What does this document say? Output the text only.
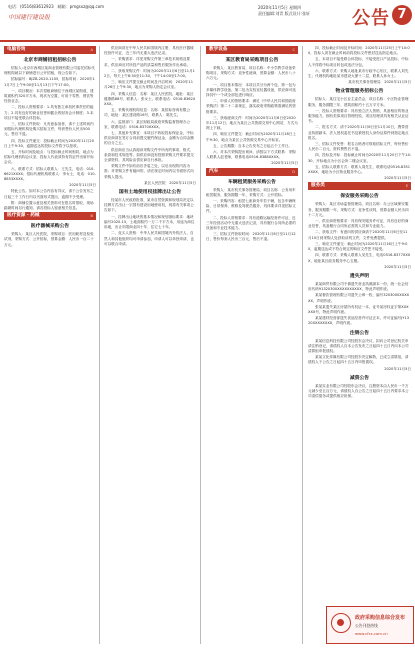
电话：(0516)83612923　邮箱：pmgsxz@qq.com
中国建行建设报
2020年11月5日 星期四
责任编辑:刘青 版式设计:张轩 公告 7
电脑咨询	A
北京市商铺招租招标公告

招标人:北京市西城区某商业管理有限公司委托招标代理机构就以下商铺进行公开招租，现公告如下。

招标编号：BJZB-2020-1105，招标时间：2020年11月7日上午9:00至11月13日下午17:00。

一、项目概况：本次招租商铺位于西城区某街道，建筑面积约320平方米，现状为空置，可用于零售、餐饮等经营业态。

二、投标人资格要求：1.具有独立承担民事责任的能力；2.具有良好的商业信誉和健全的财务会计制度；3.本项目不接受联合体投标。

三、招标文件获取：凡有意参加者，请于上述时间内到招标代理机构处购买招标文件，每套售价人民币500元，售后不退。

四、投标文件递交：投标截止时间为2020年11月20日上午9:30，逾期送达的投标文件将予以拒收。

五、开标时间及地点：与投标截止时间相同，地点为招标代理机构会议室，投标人代表须持有效证件出席开标会议。

六、联系方式：招标人联系人：王先生，电话：010-6621XXXX；招标代理机构联系人：李女士，电话：010-8853XXXX。

2020年11月5日

特此公告。如对本公告内容有异议，请于公告发布之日起三个工作日内以书面形式提出，逾期不予受理。

附：商铺位置示意及相关资料可在报名时领取，现场踏勘时间另行通知，请各投标人留意相关信息。

医疗资源 · 药械	B
医疗器械采购公告

采购人：某区人民医院，采购项目：医用耗材及检验试剂，采购方式：公开招标，预算金额：人民币一百二十万元。

供应商须在中华人民共和国境内注册，具有医疗器械经营许可证，近三年内无重大违法记录。

一、采购需求：详见采购文件第三章技术规格及要求，供应商应对所投产品的质量和售后服务作出承诺。

二、获取采购文件：时间为2020年11月6日至11月12日，每天上午8:30至11:30，下午14:00至17:00。

三、响应文件提交截止时间及开启时间：2020年11月26日上午9:30，地点为采购人指定会议室。

四、采购人信息：名称：某区人民医院，地址：某区健康路88号，联系人：张女士，联系电话：0516-8362XXXX。

五、采购代理机构信息：名称：某招标咨询有限公司，地址：某区建设路16号，联系人：陈先生。

六、监督部门：某区财政局政府采购监督管理办公室，联系电话：0516-8370XXXX。

七、其他补充事宜：本项目不收取投标保证金，中标供应商须在签订合同前提交履约保证金，金额为合同金额的百分之五。

供应商应当认真阅读采购文件中所有的事项、格式、条款和技术规范等，如供应商没有按照采购文件要求提交全部资料，其风险由供应商自行承担。

采购文件中如有前后矛盾之处，以后出现的内容为准；对采购文件有疑问的，请在规定时间内以书面形式向采购人提出。

某区人民医院　2020年11月5日

国有土地使用权挂牌出让公告

经某市人民政府批准，某市自然资源和规划局决定以挂牌方式出让一宗国有建设用地使用权，现将有关事项公告如下。

一、挂牌出让地块的基本情况和规划指标要求：地块编号2020-15，土地面积约一万二千平方米，用途为商住用地，出让年限商业四十年、住宅七十年。

二、竞买人资格：中华人民共和国境内外的法人、自然人和其他组织均可申请参加，申请人可以单独申请，也可以联合申请。

教学设备	C
某区教育局采购项目公告

采购人：某区教育局，项目名称：中小学教学设备采购项目，采购方式：竞争性磋商，预算金额：人民币八十六万元。

一、项目基本情况：本项目共分为两个包，第一包为多媒体教学设备，第二包为实验室仪器设备，供应商可选择其中一个或全部包进行响应。

二、申请人的资格要求：满足《中华人民共和国政府采购法》第二十二条规定，落实政府采购政策需满足的资格要求。

三、获取磋商文件：时间为2020年11月6日至2020年11月12日，地点为某区公共资源交易中心网站，方式为网上下载。

四、响应文件提交：截止时间为2020年11月18日上午9:30，地点为某区公共资源交易中心开标室。

五、公告期限：自本公告发布之日起五个工作日。

六、对本次采购提出询问，请按以下方式联系：采购人联系人赵老师，联系电话0516-8388XXXX。

2020年11月5日

汽车	D
车辆租赁服务采购公告

采购人：某市机关事务管理局，项目名称：公务用车租赁服务，服务期限一年，采购方式：公开招标。

一、采购内容：租赁七座商务车若干辆，包含车辆保险、日常保养、维修及驾驶员服务，具体要求详见招标文件。

二、投标人资格要求：具有道路运输经营许可证，近三年经营活动中无重大违法记录，具有履行合同所必需的设备和专业技术能力。

三、招标文件获取时间：2020年11月6日至11月12日，售价每套人民币三百元，售后不退。

四、投标截止时间及开标时间：2020年11月25日上午10:00，投标人须在截止时间前将投标文件密封送达指定地点。

五、本项目不接受联合体投标，不接受进口产品投标，中标人不得将中标项目转包或违法分包。

六、联系方式：采购人地址某市行政中心东区，联系人刘先生；代理机构地址某市建设大厦十二层，联系人孙女士。

某市机关事务管理局　2020年11月5日

物业管理服务招标公告

招标人：某住宅小区业主委员会，项目名称：小区物业管理服务，服务期限三年，建筑面积约十五万平方米。

一、投标人资格要求：具有独立法人资格，具备相应的物业服务能力，拥有类似项目管理经验，项目经理须具有相关从业证书。

二、报名方式：请于2020年11月6日至11月10日，携带营业执照副本、法人授权委托书及被授权人身份证原件到指定地点报名。

三、招标文件发售：报名合格者可领取招标文件，每份售价人民币二百元，资料费售后不退。

四、投标及开标：投标截止时间为2020年11月20日下午14:30，开标地点为小区会所二楼会议室。

五、招标人联系方式：联系人周先生，联系电话0516-8351XXXX，地址为小区物业服务中心。

2020年11月5日

服务类	E
保安服务采购公告

采购人：某区市场监督管理局，项目名称：办公区域保安服务，服务期限一年，采购方式：竞争性谈判，预算金额人民币四十二万元。

一、供应商资格要求：具有保安服务许可证，具有良好的商业信誉，具备履行合同所必需的人员和专业能力。

二、获取文件：有意向的供应商请于2020年11月6日至11月10日到采购人处获取谈判文件，文件免费提供。

三、响应文件递交：截止时间为2020年11月16日上午9:00，逾期送达或不符合规定的响应文件恕不接受。

四、联系方式：采购人联系人吴先生，电话0516-8377XXXX，地址某区政务服务中心五楼。

2020年11月5日

遗失声明

某某商贸有限公司不慎遗失营业执照副本一份，统一社会信用代码91320300XXXXXXXXXX，特此声明作废。

某某餐饮管理有限公司遗失公章一枚，编号3203000XXXXXX，声明作废。

张某某遗失某区房屋所有权证一本，证号某房权证字第XXXXXX号，特此声明作废。

某某建材经营部遗失食品经营许可证正本，许可证编号JY1320XXXXXXXX，声明作废。

注销公告

某某信息科技有限公司经股东会决议，拟向公司登记机关申请注销登记，请债权人自本公告发布之日起四十五日内向本公司清算组申报债权。

某某文化传媒有限公司经股东决定解散，已成立清算组，请债权人于公告之日起四十五日内申报债权。

2020年11月5日

减资公告

某某实业有限公司经股东会决议，注册资本由人民币一千万元减少至五百万元，请债权人自公告之日起四十五日内要求本公司清偿债务或提供相应担保。

政府采购信息综合发布
公告刊登热线
www.cfcs.com.cn
